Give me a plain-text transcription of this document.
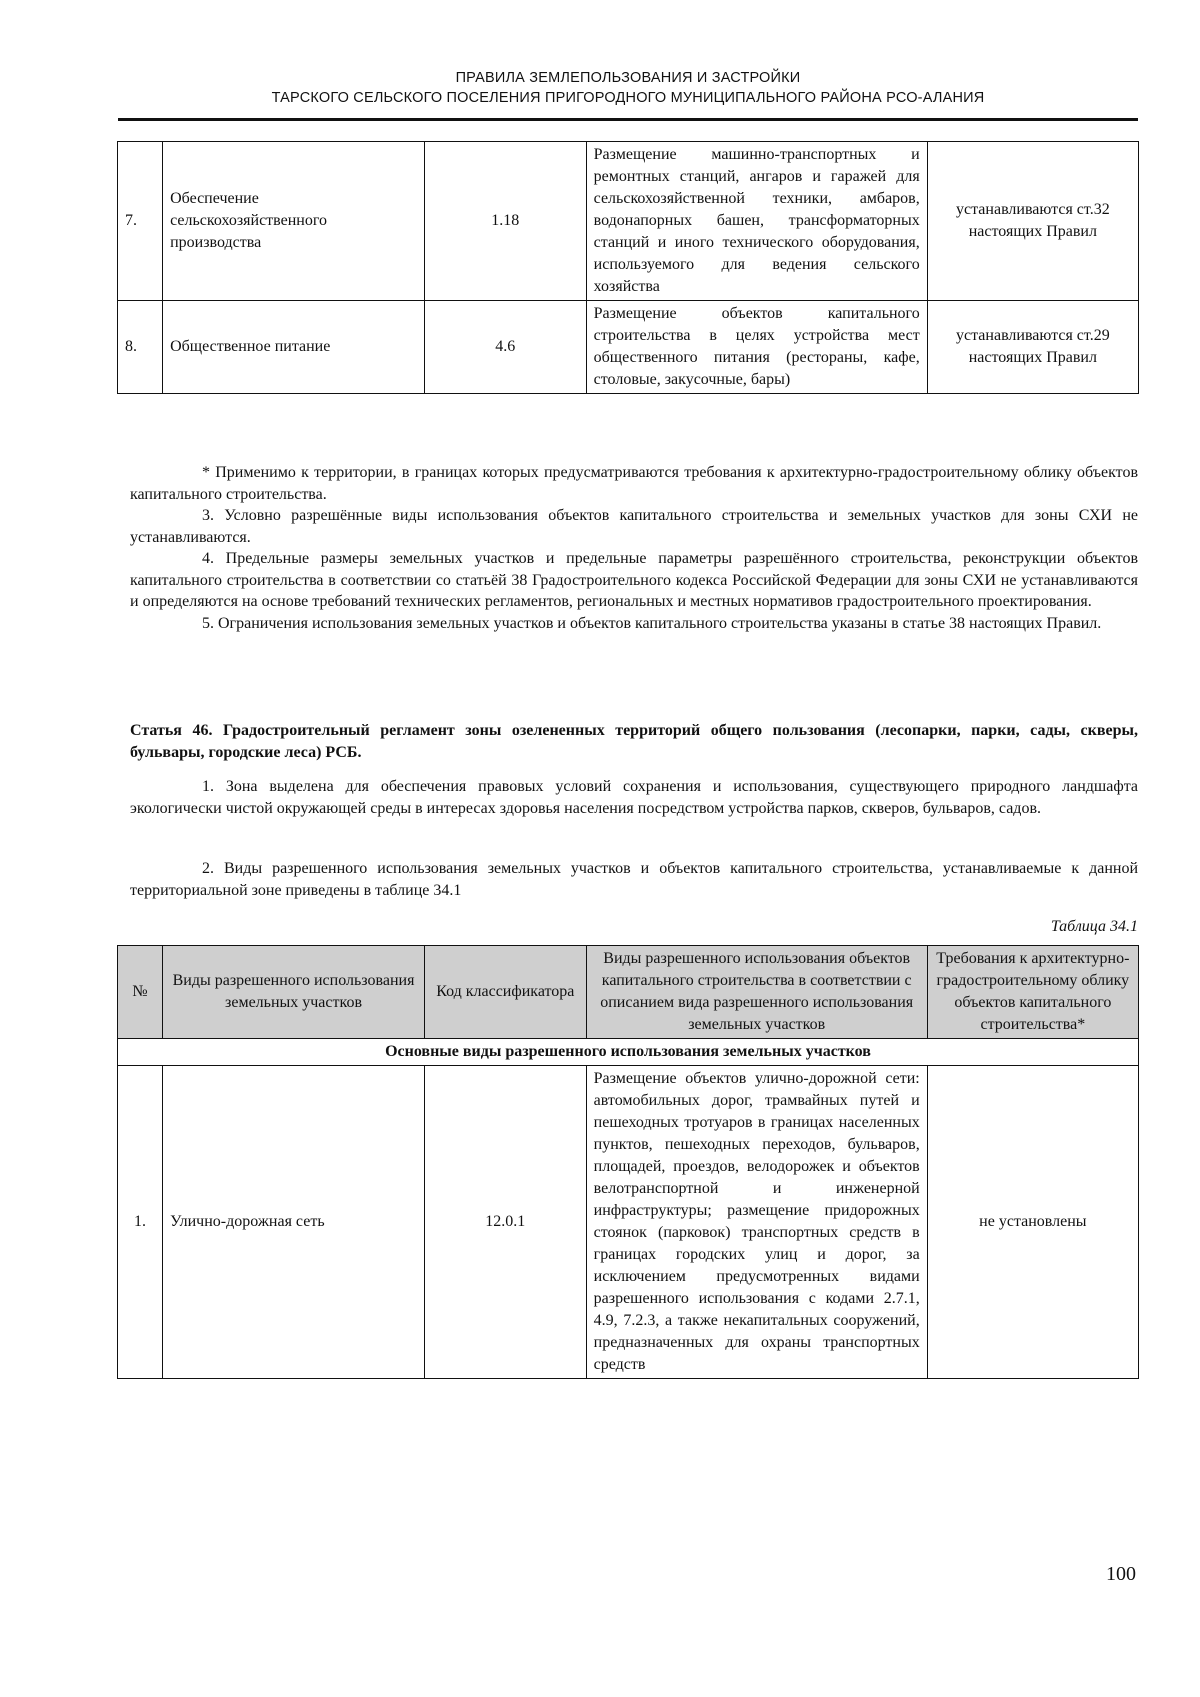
ПРАВИЛА ЗЕМЛЕПОЛЬЗОВАНИЯ И ЗАСТРОЙКИ
ТАРСКОГО СЕЛЬСКОГО ПОСЕЛЕНИЯ ПРИГОРОДНОГО МУНИЦИПАЛЬНОГО РАЙОНА РСО-АЛАНИЯ
7.	Обеспечение сельскохозяйственного производства	1.18	Размещение машинно-транспортных и ремонтных станций, ангаров и гаражей для сельскохозяйственной техники, амбаров, водонапорных башен, трансформаторных станций и иного технического оборудования, используемого для ведения сельского хозяйства	устанавливаются ст.32 настоящих Правил
8.	Общественное питание	4.6	Размещение объектов капитального строительства в целях устройства мест общественного питания (рестораны, кафе, столовые, закусочные, бары)	устанавливаются ст.29 настоящих Правил

* Применимо к территории, в границах которых предусматриваются требования к архитектурно-градостроительному облику объектов капитального строительства.

3. Условно разрешённые виды использования объектов капитального строительства и земельных участков для зоны СХИ не устанавливаются.

4. Предельные размеры земельных участков и предельные параметры разрешённого строительства, реконструкции объектов капитального строительства в соответствии со статьёй 38 Градостроительного кодекса Российской Федерации для зоны СХИ не устанавливаются и определяются на основе требований технических регламентов, региональных и местных нормативов градостроительного проектирования.

5. Ограничения использования земельных участков и объектов капитального строительства указаны в статье 38 настоящих Правил.

Статья 46. Градостроительный регламент зоны озелененных территорий общего пользования (лесопарки, парки, сады, скверы, бульвары, городские леса) РСБ.

1. Зона выделена для обеспечения правовых условий сохранения и использования, существующего природного ландшафта экологически чистой окружающей среды в интересах здоровья населения посредством устройства парков, скверов, бульваров, садов.

2. Виды разрешенного использования земельных участков и объектов капитального строительства, устанавливаемые к данной территориальной зоне приведены в таблице 34.1

Таблица 34.1
№	Виды разрешенного использования земельных участков	Код классификатора	Виды разрешенного использования объектов капитального строительства в соответствии с описанием вида разрешенного использования земельных участков	Требования к архитектурно-градостроительному облику объектов капитального строительства*
Основные виды разрешенного использования земельных участков				
1.	Улично-дорожная сеть	12.0.1	Размещение объектов улично-дорожной сети: автомобильных дорог, трамвайных путей и пешеходных тротуаров в границах населенных пунктов, пешеходных переходов, бульваров, площадей, проездов, велодорожек и объектов велотранспортной и инженерной инфраструктуры; размещение придорожных стоянок (парковок) транспортных средств в границах городских улиц и дорог, за исключением предусмотренных видами разрешенного использования с кодами 2.7.1, 4.9, 7.2.3, а также некапитальных сооружений, предназначенных для охраны транспортных средств	не установлены
100
